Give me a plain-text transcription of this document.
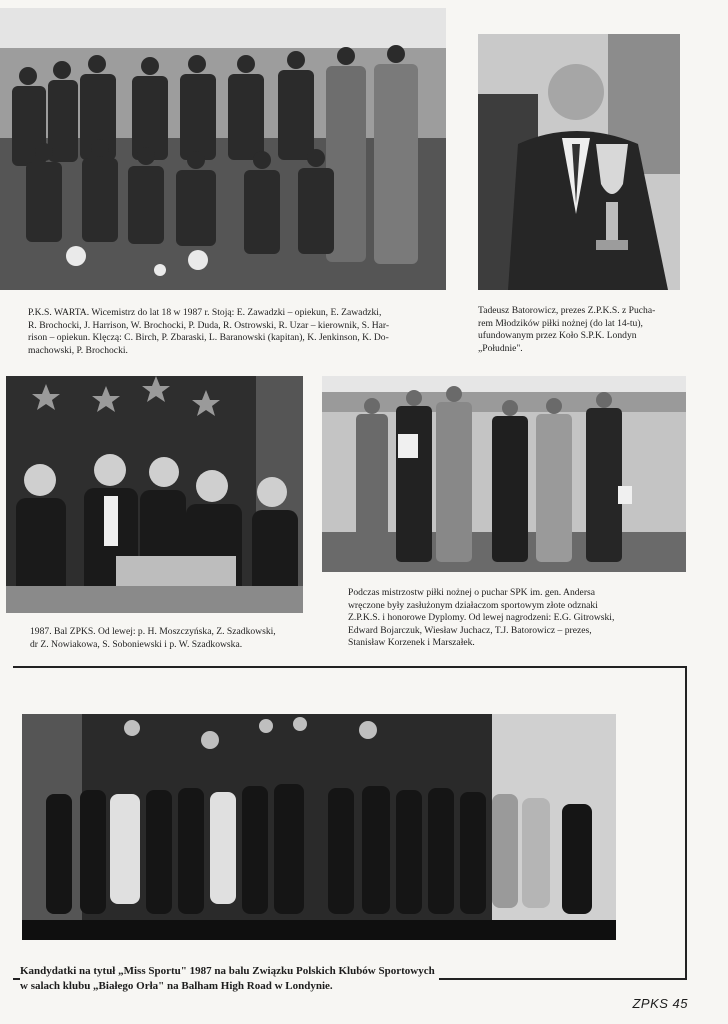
P.K.S. WARTA. Wicemistrz do lat 18 w 1987 r. Stoją: E. Zawadzki – opiekun, E. Zawadzki,
R. Brochocki, J. Harrison, W. Brochocki, P. Duda, R. Ostrowski, R. Uzar – kierownik, S. Har-
rison – opiekun. Klęczą: C. Birch, P. Zbaraski, L. Baranowski (kapitan), K. Jenkinson, K. Do-
machowski, P. Brochocki.

Tadeusz Batorowicz, prezes Z.P.K.S. z Pucha-
rem Młodzików piłki nożnej (do lat 14-tu),
ufundowanym przez Koło S.P.K. Londyn
„Południe".

1987. Bal ZPKS. Od lewej: p. H. Moszczyńska, Z. Szadkowski,
dr Z. Nowiakowa, S. Soboniewski i p. W. Szadkowska.

Podczas mistrzostw piłki nożnej o puchar SPK im. gen. Andersa
wręczone były zasłużonym działaczom sportowym złote odznaki
Z.P.K.S. i honorowe Dyplomy. Od lewej nagrodzeni: E.G. Gitrowski,
Edward Bojarczuk, Wiesław Juchacz, T.J. Batorowicz – prezes,
Stanisław Korzenek i Marszałek.

Kandydatki na tytuł „Miss Sportu" 1987 na balu Związku Polskich Klubów Sportowych
w salach klubu „Białego Orła" na Balham High Road w Londynie.

ZPKS 45
